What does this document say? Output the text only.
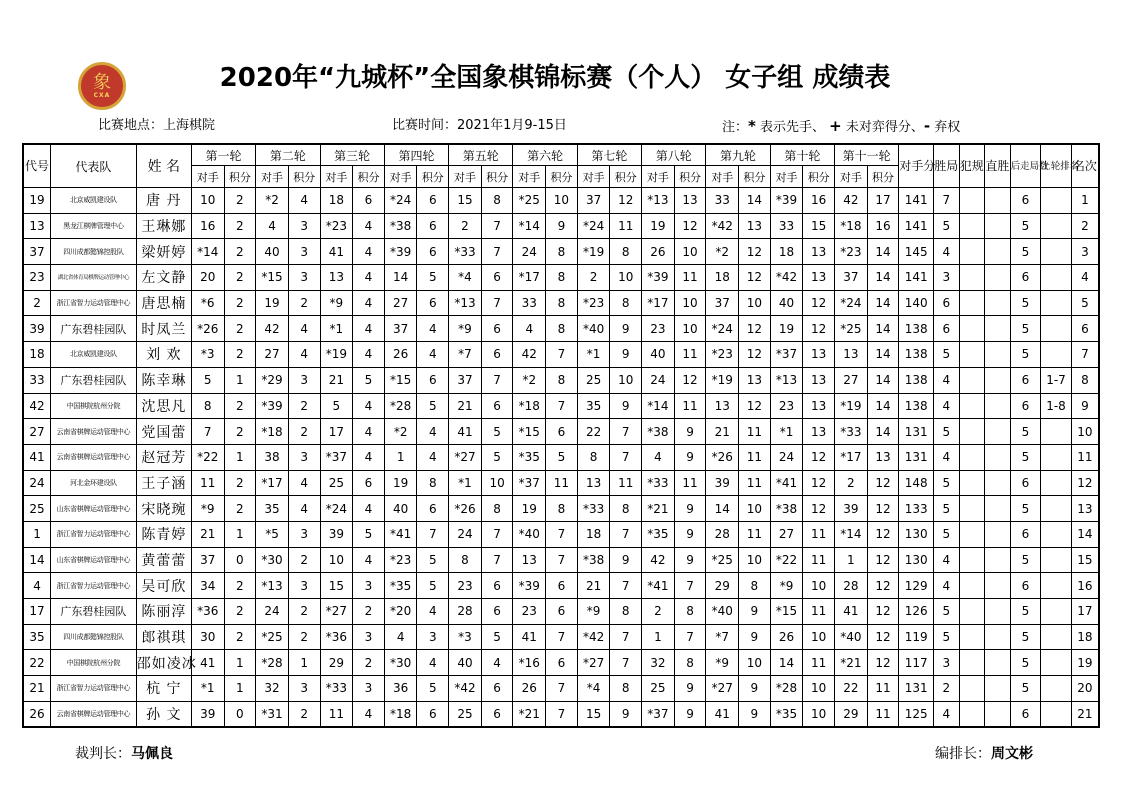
象
CXA
2020年“九城杯”全国象棋锦标赛（个人） 女子组 成绩表
比赛地点：上海棋院	比赛时间：2021年1月9-15日	注：* 表示先手、 + 未对弈得分、- 弃权
代号	代表队	姓 名	第一轮		第二轮		第三轮		第四轮		第五轮		第六轮		第七轮		第八轮		第九轮		第十轮		第十一轮		对手分	胜局	犯规	直胜	后走局数	上轮排名	名次
			对手	积分	对手	积分	对手	积分	对手	积分	对手	积分	对手	积分	对手	积分	对手	积分	对手	积分	对手	积分	对手	积分							
19	北京威凯建设队	唐 丹	10	2	*2	4	18	6	*24	6	15	8	*25	10	37	12	*13	13	33	14	*39	16	42	17	141	7			6		1
13	黑龙江棋牌管理中心	王琳娜	16	2	4	3	*23	4	*38	6	2	7	*14	9	*24	11	19	12	*42	13	33	15	*18	16	141	5			5		2
37	四川成都懿锦控股队	梁妍婷	*14	2	40	3	41	4	*39	6	*33	7	24	8	*19	8	26	10	*2	12	18	13	*23	14	145	4			5		3
23	湖北省体育局棋牌运动管理中心	左文静	20	2	*15	3	13	4	14	5	*4	6	*17	8	2	10	*39	11	18	12	*42	13	37	14	141	3			6		4
2	浙江省智力运动管理中心	唐思楠	*6	2	19	2	*9	4	27	6	*13	7	33	8	*23	8	*17	10	37	10	40	12	*24	14	140	6			5		5
39	广东碧桂园队	时凤兰	*26	2	42	4	*1	4	37	4	*9	6	4	8	*40	9	23	10	*24	12	19	12	*25	14	138	6			5		6
18	北京威凯建设队	刘 欢	*3	2	27	4	*19	4	26	4	*7	6	42	7	*1	9	40	11	*23	12	*37	13	13	14	138	5			5		7
33	广东碧桂园队	陈幸琳	5	1	*29	3	21	5	*15	6	37	7	*2	8	25	10	24	12	*19	13	*13	13	27	14	138	4			6	1-7	8
42	中国棋院杭州分院	沈思凡	8	2	*39	2	5	4	*28	5	21	6	*18	7	35	9	*14	11	13	12	23	13	*19	14	138	4			6	1-8	9
27	云南省棋牌运动管理中心	党国蕾	7	2	*18	2	17	4	*2	4	41	5	*15	6	22	7	*38	9	21	11	*1	13	*33	14	131	5			5		10
41	云南省棋牌运动管理中心	赵冠芳	*22	1	38	3	*37	4	1	4	*27	5	*35	5	8	7	4	9	*26	11	24	12	*17	13	131	4			5		11
24	河北金环建设队	王子涵	11	2	*17	4	25	6	19	8	*1	10	*37	11	13	11	*33	11	39	11	*41	12	2	12	148	5			6		12
25	山东省棋牌运动管理中心	宋晓琬	*9	2	35	4	*24	4	40	6	*26	8	19	8	*33	8	*21	9	14	10	*38	12	39	12	133	5			5		13
1	浙江省智力运动管理中心	陈青婷	21	1	*5	3	39	5	*41	7	24	7	*40	7	18	7	*35	9	28	11	27	11	*14	12	130	5			6		14
14	山东省棋牌运动管理中心	黄蕾蕾	37	0	*30	2	10	4	*23	5	8	7	13	7	*38	9	42	9	*25	10	*22	11	1	12	130	4			5		15
4	浙江省智力运动管理中心	吴可欣	34	2	*13	3	15	3	*35	5	23	6	*39	6	21	7	*41	7	29	8	*9	10	28	12	129	4			6		16
17	广东碧桂园队	陈丽淳	*36	2	24	2	*27	2	*20	4	28	6	23	6	*9	8	2	8	*40	9	*15	11	41	12	126	5			5		17
35	四川成都懿锦控股队	郎祺琪	30	2	*25	2	*36	3	4	3	*3	5	41	7	*42	7	1	7	*7	9	26	10	*40	12	119	5			5		18
22	中国棋院杭州分院	邵如凌冰	41	1	*28	1	29	2	*30	4	40	4	*16	6	*27	7	32	8	*9	10	14	11	*21	12	117	3			5		19
21	浙江省智力运动管理中心	杭 宁	*1	1	32	3	*33	3	36	5	*42	6	26	7	*4	8	25	9	*27	9	*28	10	22	11	131	2			5		20
26	云南省棋牌运动管理中心	孙 文	39	0	*31	2	11	4	*18	6	25	6	*21	7	15	9	*37	9	41	9	*35	10	29	11	125	4			6		21
裁判长：马佩良	编排长：周文彬
